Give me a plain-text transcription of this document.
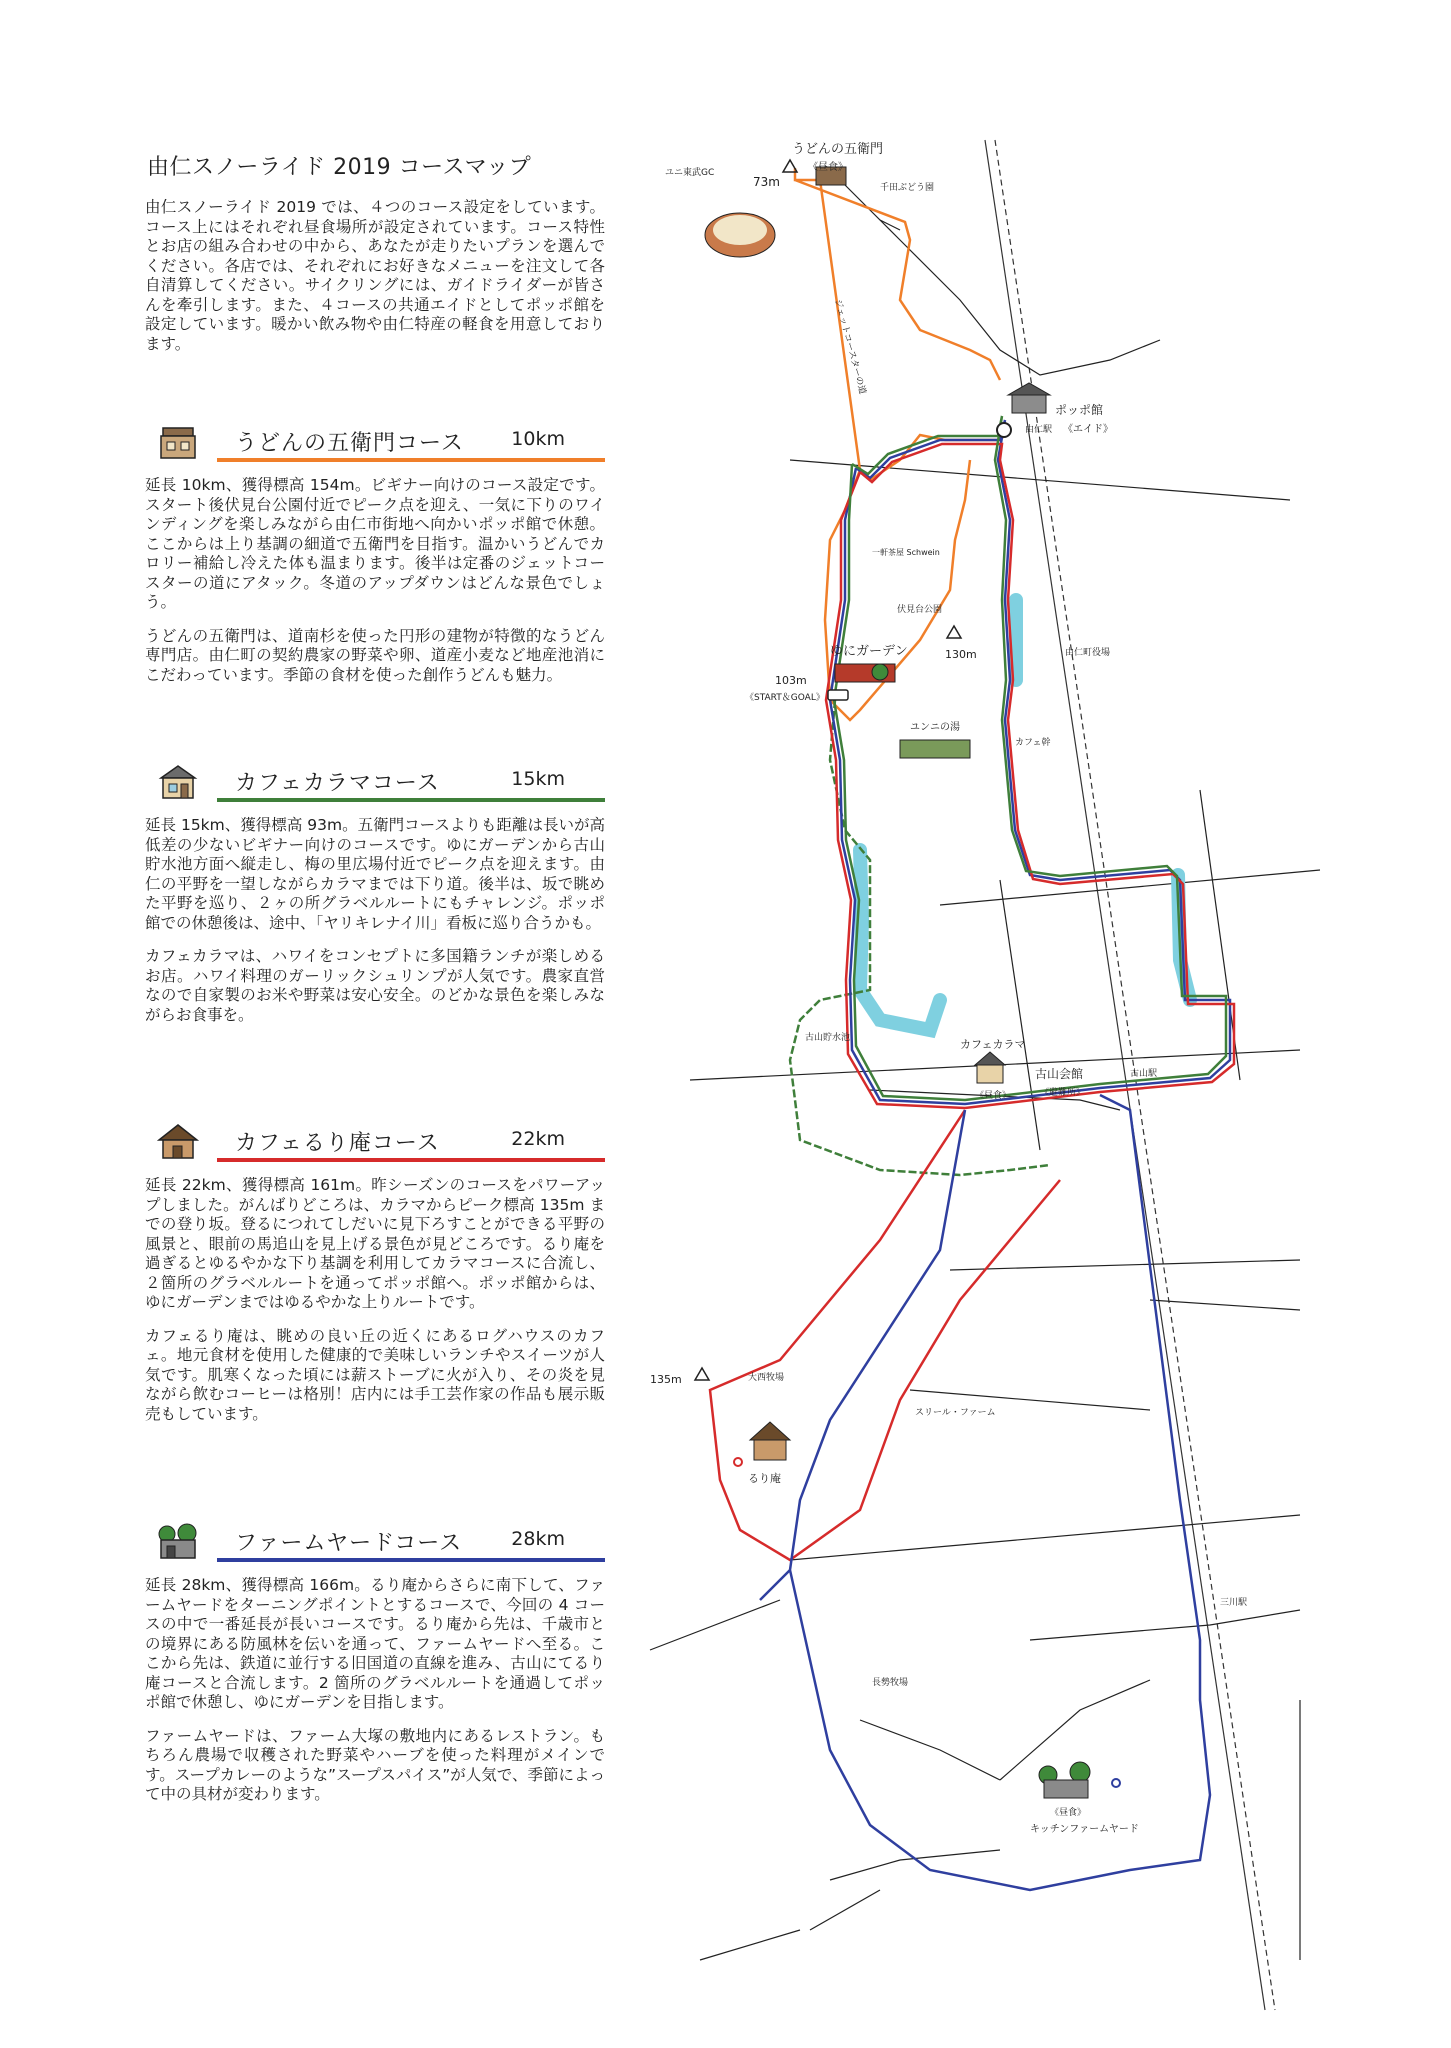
由仁スノーライド 2019 コースマップ

由仁スノーライド 2019 では、４つのコース設定をしています。コース上にはそれぞれ昼食場所が設定されています。コース特性とお店の組み合わせの中から、あなたが走りたいプランを選んでください。各店では、それぞれにお好きなメニューを注文して各自清算してください。サイクリングには、ガイドライダーが皆さんを牽引します。また、４コースの共通エイドとしてポッポ館を設定しています。暖かい飲み物や由仁特産の軽食を用意しております。

うどんの五衛門コース 10km

延長 10km、獲得標高 154m。ビギナー向けのコース設定です。スタート後伏見台公園付近でピーク点を迎え、一気に下りのワインディングを楽しみながら由仁市街地へ向かいポッポ館で休憩。ここからは上り基調の細道で五衛門を目指す。温かいうどんでカロリー補給し冷えた体も温まります。後半は定番のジェットコースターの道にアタック。冬道のアップダウンはどんな景色でしょう。

うどんの五衛門は、道南杉を使った円形の建物が特徴的なうどん専門店。由仁町の契約農家の野菜や卵、道産小麦など地産池消にこだわっています。季節の食材を使った創作うどんも魅力。

カフェカラマコース	15km

延長 15km、獲得標高 93m。五衛門コースよりも距離は長いが高低差の少ないビギナー向けのコースです。ゆにガーデンから古山貯水池方面へ縦走し、梅の里広場付近でピーク点を迎えます。由仁の平野を一望しながらカラマまでは下り道。後半は、坂で眺めた平野を巡り、２ヶの所グラベルルートにもチャレンジ。ポッポ館での休憩後は、途中、「ヤリキレナイ川」看板に巡り合うかも。

カフェカラマは、ハワイをコンセプトに多国籍ランチが楽しめるお店。ハワイ料理のガーリックシュリンプが人気です。農家直営なので自家製のお米や野菜は安心安全。のどかな景色を楽しみながらお食事を。

カフェるり庵コース	22km

延長 22km、獲得標高 161m。昨シーズンのコースをパワーアップしました。がんばりどころは、カラマからピーク標高 135m までの登り坂。登るにつれてしだいに見下ろすことができる平野の風景と、眼前の馬追山を見上げる景色が見どころです。るり庵を過ぎるとゆるやかな下り基調を利用してカラマコースに合流し、２箇所のグラベルルートを通ってポッポ館へ。ポッポ館からは、ゆにガーデンまではゆるやかな上りルートです。

カフェるり庵は、眺めの良い丘の近くにあるログハウスのカフェ。地元食材を使用した健康的で美味しいランチやスイーツが人気です。肌寒くなった頃には薪ストーブに火が入り、その炎を見ながら飲むコーヒーは格別！店内には手工芸作家の作品も展示販売もしています。

ファームヤードコース	28km

延長 28km、獲得標高 166m。るり庵からさらに南下して、ファームヤードをターニングポイントとするコースで、今回の 4 コースの中で一番延長が長いコースです。るり庵から先は、千歳市との境界にある防風林を伝いを通って、ファームヤードへ至る。ここから先は、鉄道に並行する旧国道の直線を進み、古山にてるり庵コースと合流します。2 箇所のグラベルルートを通過してポッポ館で休憩し、ゆにガーデンを目指します。

ファームヤードは、ファーム大塚の敷地内にあるレストラン。もちろん農場で収穫された野菜やハーブを使った料理がメインです。スープカレーのような”スープスパイス”が人気で、季節によって中の具材が変わります。

うどんの五衛門
《昼食》
73m
ユニ東武GC
千田ぶどう園
ポッポ館
《エイド》
由仁駅
ゆにガーデン
103m
《START＆GOAL》
130m
伏見台公園
ユンニの湯
一軒茶屋 Schwein
カフェ幹
由仁町役場
カフェカラマ
《昼食》
古山会館
《避難所》
古山駅
古山貯水池
135m	大西牧場
スリール・ファーム
るり庵
長勢牧場
キッチンファームヤード
《昼食》
三川駅
ジェットコースターの道
